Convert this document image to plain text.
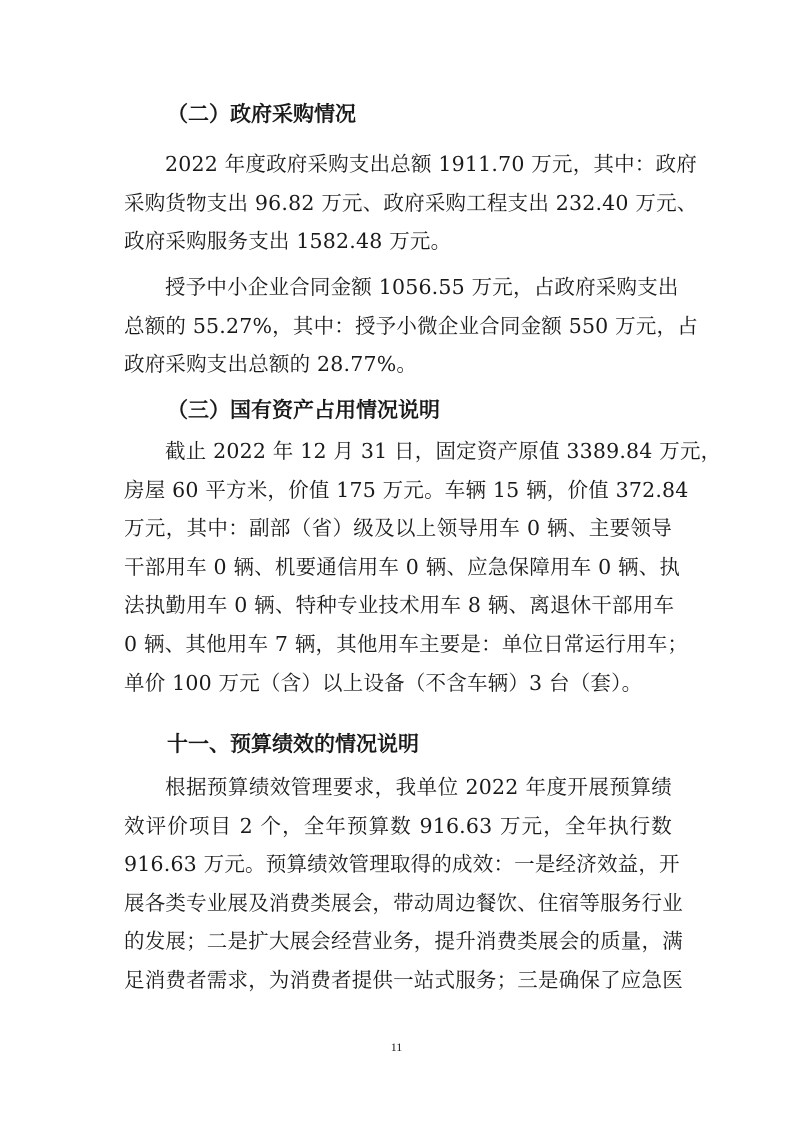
（二）政府采购情况
2022 年度政府采购支出总额 1911.70 万元，其中：政府
采购货物支出 96.82 万元、政府采购工程支出 232.40 万元、
政府采购服务支出 1582.48 万元。
授予中小企业合同金额 1056.55 万元，占政府采购支出
总额的 55.27%，其中：授予小微企业合同金额 550 万元，占
政府采购支出总额的 28.77%。
（三）国有资产占用情况说明
截止 2022 年 12 月 31 日，固定资产原值 3389.84 万元，
房屋 60 平方米，价值 175 万元。车辆 15 辆，价值 372.84
万元，其中：副部（省）级及以上领导用车 0 辆、主要领导
干部用车 0 辆、机要通信用车 0 辆、应急保障用车 0 辆、执
法执勤用车 0 辆、特种专业技术用车 8 辆、离退休干部用车
0 辆、其他用车 7 辆，其他用车主要是：单位日常运行用车；
单价 100 万元（含）以上设备（不含车辆）3 台（套）。
十一、预算绩效的情况说明
根据预算绩效管理要求，我单位 2022 年度开展预算绩
效评价项目 2 个，全年预算数 916.63 万元，全年执行数
916.63 万元。预算绩效管理取得的成效：一是经济效益，开
展各类专业展及消费类展会，带动周边餐饮、住宿等服务行业
的发展；二是扩大展会经营业务，提升消费类展会的质量，满
足消费者需求，为消费者提供一站式服务；三是确保了应急医
11
